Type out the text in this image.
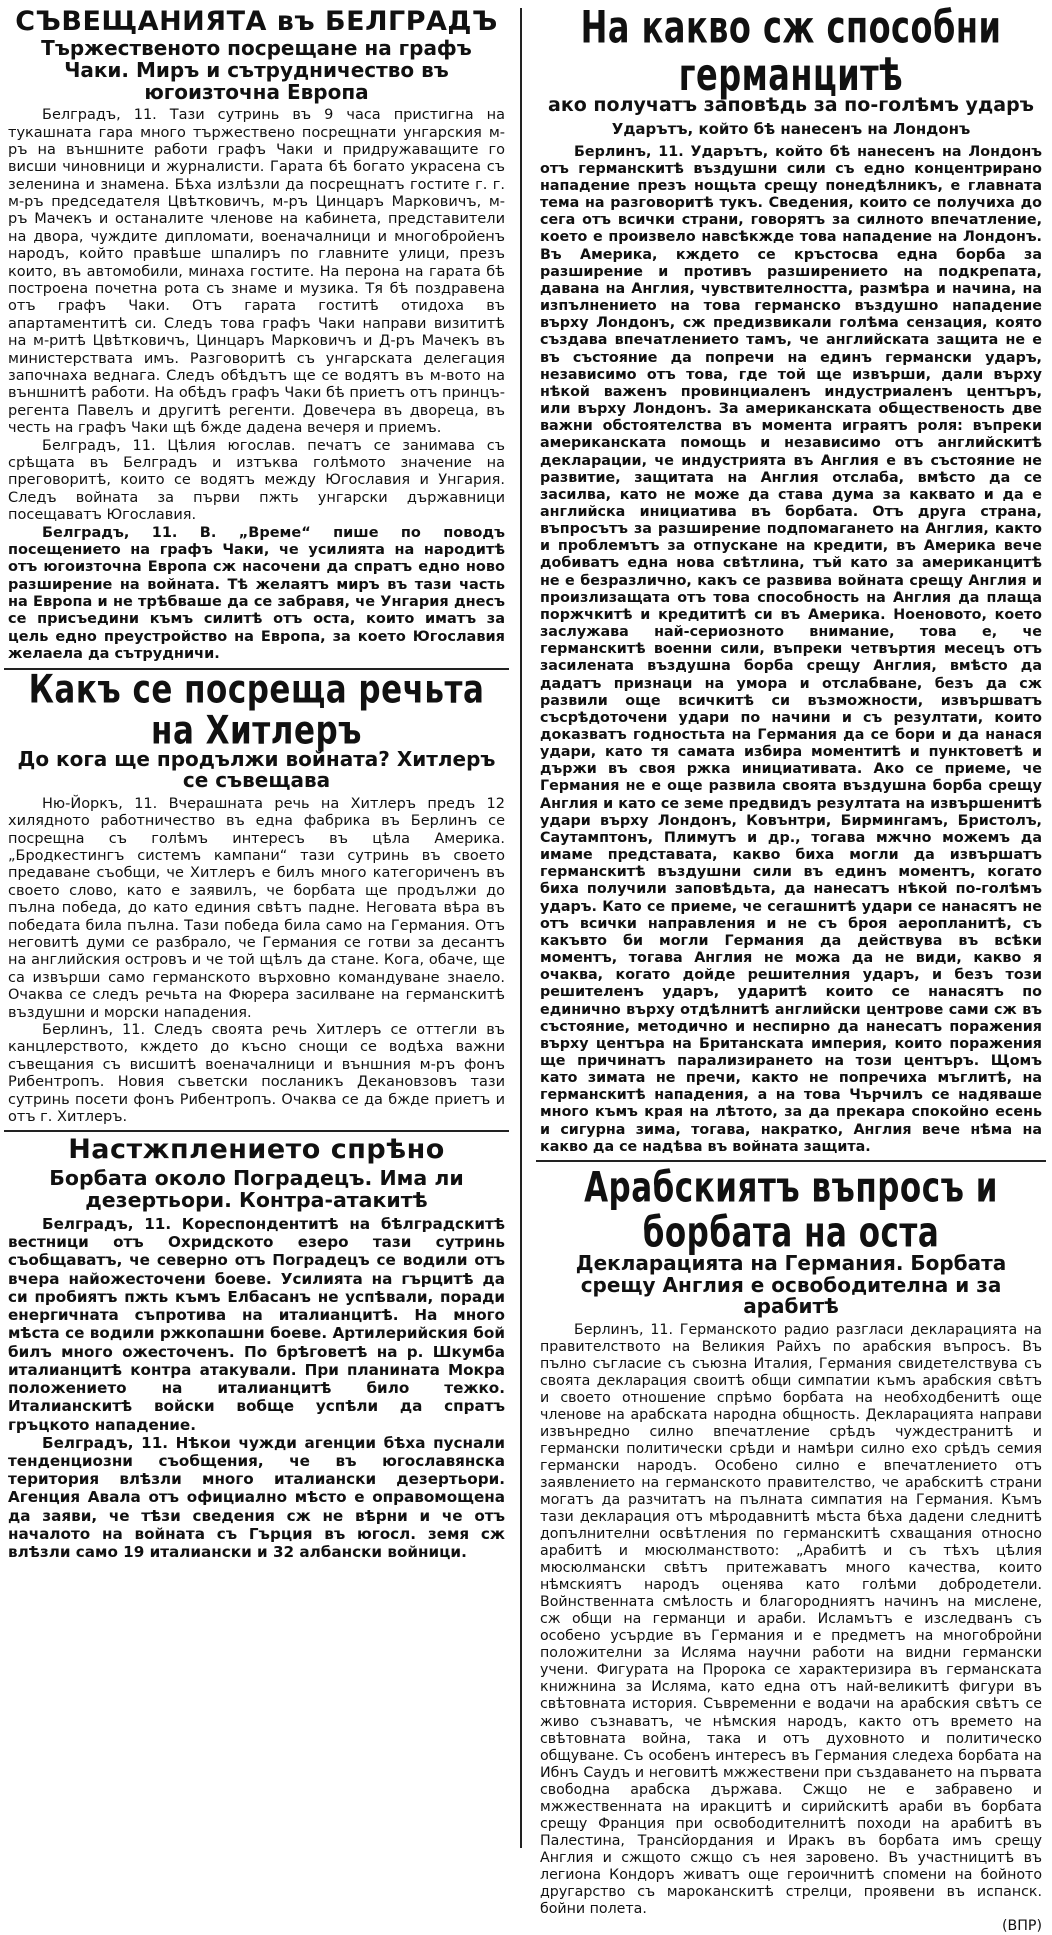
СЪВЕЩАНИЯТА въ БЕЛГРАДЪ
Тържественото посрещане на графъ Чаки. Миръ и сътрудничество въ югоизточна Европа

Белградъ, 11. Тази сутринь въ 9 часа пристигна на тукашната гара много тържествено посрещнати унгарския м-ръ на външните работи графъ Чаки и придружаващите го висши чиновници и журналисти. Гарата бѣ богато украсена съ зеленина и знамена. Бѣха излѣзли да посрещнатъ гостите г. г. м-ръ председателя Цвѣтковичъ, м-ръ Цинцаръ Марковичъ, м-ръ Мачекъ и останалите членове на кабинета, представители на двора, чуждите дипломати, военачалници и многобройенъ народъ, който правѣше шпалиръ по главните улици, презъ които, въ автомобили, минаха гостите. На перона на гарата бѣ построена почетна рота съ знаме и музика. Тя бѣ поздравена отъ графъ Чаки. Отъ гарата гоститѣ отидоха въ апартаментитѣ си. Следъ това графъ Чаки направи визититѣ на м-ритѣ Цвѣтковичъ, Цинцаръ Марковичъ и Д-ръ Мачекъ въ министерствата имъ. Разговоритѣ съ унгарската делегация започнаха веднага. Следъ обѣдътъ ще се водятъ въ м-вото на външнитѣ работи. На обѣдъ графъ Чаки бѣ приетъ отъ принцъ-регента Павелъ и другитѣ регенти. Довечера въ двореца, въ честь на графъ Чаки щѣ бжде дадена вечеря и приемъ.

Белградъ, 11. Цѣлия югослав. печатъ се занимава съ срѣщата въ Белградъ и изтъква голѣмото значение на преговоритѣ, които се водятъ между Югославия и Унгария. Следъ войната за първи пжть унгарски държавници посещаватъ Югославия.

Белградъ, 11. В. „Време“ пише по поводъ посещението на графъ Чаки, че усилията на народитѣ отъ югоизточна Европа сж насочени да спратъ едно ново разширение на войната. Тѣ желаятъ миръ въ тази часть на Европа и не трѣбваше да се забравя, че Унгария днесъ се присъедини къмъ силитѣ отъ оста, които иматъ за цель едно преустройство на Европа, за което Югославия желаела да сътрудничи.

Какъ се посреща речьта на Хитлеръ
До кога ще продължи войната? Хитлеръ се съвещава

Ню-Йоркъ, 11. Вчерашната речь на Хитлеръ предъ 12 хилядното работничество въ една фабрика въ Берлинъ се посрещна съ голѣмъ интересъ въ цѣла Америка. „Бродкестингъ системъ кампани“ тази сутринь въ своето предаване съобщи, че Хитлеръ е билъ много категориченъ въ своето слово, като е заявилъ, че борбата ще продължи до пълна победа, до като единия свѣтъ падне. Неговата вѣра въ победата била пълна. Тази победа била само на Германия. Отъ неговитѣ думи се разбрало, че Германия се готви за десантъ на английския островъ и че той щѣлъ да стане. Кога, обаче, ще са извърши само германското върховно командуване знаело. Очаква се следъ речьта на Фюрера засилване на германскитѣ въздушни и морски нападения.

Берлинъ, 11. Следъ своята речь Хитлеръ се оттегли въ канцлерството, кждето до късно снощи се водѣха важни съвещания съ висшитѣ военачалници и външния м-ръ фонъ Рибентропъ. Новия съветски посланикъ Декановзовъ тази сутринь посети фонъ Рибентропъ. Очаква се да бжде приетъ и отъ г. Хитлеръ.

Настжплението спрѣно
Борбата около Поградецъ. Има ли дезертьори. Контра-атакитѣ

Белградъ, 11. Кореспондентитѣ на бѣлградскитѣ вестници отъ Охридското езеро тази сутринь съобщаватъ, че северно отъ Поградецъ се водили отъ вчера найожесточени боеве. Усилията на гърцитѣ да си пробиятъ пжть къмъ Елбасанъ не успѣвали, поради енергичната съпротива на италианцитѣ. На много мѣста се водили ржкопашни боеве. Артилерийския бой билъ много ожесточенъ. По брѣговетѣ на р. Шкумба италианцитѣ контра атакували. При планината Мокра положението на италианцитѣ било тежко. Италианскитѣ войски вобще успѣли да спратъ гръцкото нападение.

Белградъ, 11. Нѣкои чужди агенции бѣха пуснали тенденциозни съобщения, че въ югославянска територия влѣзли много италиански дезертьори. Агенция Авала отъ официално мѣсто е оправомощена да заяви, че тѣзи сведения сж не вѣрни и че отъ началото на войната съ Гърция въ югосл. земя сж влѣзли само 19 италиански и 32 албански войници.

На какво сж способни германцитѣ
ако получатъ заповѣдь за по-голѣмъ ударъ
Ударътъ, който бѣ нанесенъ на Лондонъ

Берлинъ, 11. Ударътъ, който бѣ нанесенъ на Лондонъ отъ германскитѣ въздушни сили съ едно концентрирано нападение презъ нощьта срещу понедѣлникъ, е главната тема на разговоритѣ тукъ. Сведения, които се получиха до сега отъ всички страни, говорятъ за силното впечатление, което е произвело навсѣкжде това нападение на Лондонъ. Въ Америка, кждето се кръстосва една борба за разширение и противъ разширението на подкрепата, давана на Англия, чувствителността, размѣра и начина, на изпълнението на това германско въздушно нападение върху Лондонъ, сж предизвикали голѣма сензация, която създава впечатлението тамъ, че английската защита не е въ състояние да попречи на единъ германски ударъ, независимо отъ това, где той ще извърши, дали върху нѣкой важенъ провинциаленъ индустриаленъ центъръ, или върху Лондонъ. За американската общественость две важни обстоятелства въ момента играятъ роля: въпреки американската помощь и независимо отъ английскитѣ декларации, че индустрията въ Англия е въ състояние не развитие, защитата на Англия отслаба, вмѣсто да се засилва, като не може да става дума за каквато и да е английска инициатива въ борбата. Отъ друга страна, въпросътъ за разширение подпомагането на Англия, както и проблемътъ за отпускане на кредити, въ Америка вече добиватъ една нова свѣтлина, тъй като за американцитѣ не е безразлично, какъ се развива войната срещу Англия и произлизащата отъ това способность на Англия да плаща поржчкитѣ и кредититѣ си въ Америка. Ноеновото, което заслужава най-сериозното внимание, това е, че германскитѣ военни сили, въпреки четвъртия месецъ отъ засилената въздушна борба срещу Англия, вмѣсто да дадатъ признаци на умора и отслабване, безъ да сж развили още всичкитѣ си възможности, извършватъ съсрѣдоточени удари по начини и съ резултати, които доказватъ годностьта на Германия да се бори и да нанася удари, като тя самата избира моментитѣ и пунктоветѣ и държи въ своя ржка инициативата. Ако се приеме, че Германия не е още развила своята въздушна борба срещу Англия и като се земе предвидъ резултата на извършенитѣ удари върху Лондонъ, Ковънтри, Бирмингамъ, Бристолъ, Саутамптонъ, Плимутъ и др., тогава мжчно можемъ да имаме представата, какво биха могли да извършатъ германскитѣ въздушни сили въ единъ моментъ, когато биха получили заповѣдьта, да нанесатъ нѣкой по-голѣмъ ударъ. Като се приеме, че сегашнитѣ удари се нанасятъ не отъ всички направления и не съ броя аеропланитѣ, съ какъвто би могли Германия да действува въ всѣки моментъ, тогава Англия не можа да не види, какво я очаква, когато дойде решителния ударъ, и безъ този решителенъ ударъ, ударитѣ които се нанасятъ по единично върху отдѣлнитѣ английски центрове сами сж въ състояние, методично и неспирно да нанесатъ поражения върху центъра на Британската империя, които поражения ще причинатъ парализирането на този центъръ. Щомъ като зимата не пречи, както не попречиха мъглитѣ, на германскитѣ нападения, а на това Чърчилъ се надяваше много къмъ края на лѣтото, за да прекара спокойно есень и сигурна зима, тогава, накратко, Англия вече нѣма на какво да се надѣва въ войната защита.

Арабскиятъ въпросъ и борбата на оста
Декларацията на Германия. Борбата срещу Англия е освободителна и за арабитѣ

Берлинъ, 11. Германското радио разгласи декларацията на правителството на Великия Райхъ по арабския въпросъ. Въ пълно съгласие съ съюзна Италия, Германия свидетелствува съ своята декларация своитѣ общи симпатии къмъ арабския свѣтъ и своето отношение спрѣмо борбата на необходбенитѣ още членове на арабската народна общность. Декларацията направи извънредно силно впечатление срѣдъ чуждестранитѣ и германски политически срѣди и намѣри силно ехо срѣдъ семия германски народъ. Особено силно е впечатлението отъ заявлението на германското правителство, че арабскитѣ страни могатъ да разчитатъ на пълната симпатия на Германия. Къмъ тази декларация отъ мѣродавнитѣ мѣста бѣха дадени следнитѣ допълнителни освѣтления по германскитѣ схващания относно арабитѣ и мюсюлманството: „Арабитѣ и съ тѣхъ цѣлия мюсюлмански свѣтъ притежаватъ много качества, които нѣмскиятъ народъ оценява като голѣми добродетели. Войнственната смѣлость и благородниятъ начинъ на мислене, сж общи на германци и араби. Исламътъ е изследванъ съ особено усърдие въ Германия и е предметъ на многобройни положителни за Исляма научни работи на видни германски учени. Фигурата на Пророка се характеризира въ германската книжнина за Исляма, като една отъ най-великитѣ фигури въ свѣтовната история. Съвременни е водачи на арабския свѣтъ се живо съзнаватъ, че нѣмския народъ, както отъ времето на свѣтовната война, така и отъ духовното и политическо общуване. Съ особенъ интересъ въ Германия следеха борбата на Ибнъ Саудъ и неговитѣ мжжествени при създаването на първата свободна арабска държава. Сжщо не е забравено и мжжественната на иракцитѣ и сирийскитѣ араби въ борбата срещу Франция при освободителнитѣ походи на арабитѣ въ Палестина, Трансйордания и Иракъ въ борбата имъ срещу Англия и сжщото сжщо съ нея заровено. Въ участницитѣ въ легиона Кондоръ живатъ още героичнитѣ спомени на бойното другарство съ мароканскитѣ стрелци, проявени въ испанск. бойни полета.

(ВПР)
